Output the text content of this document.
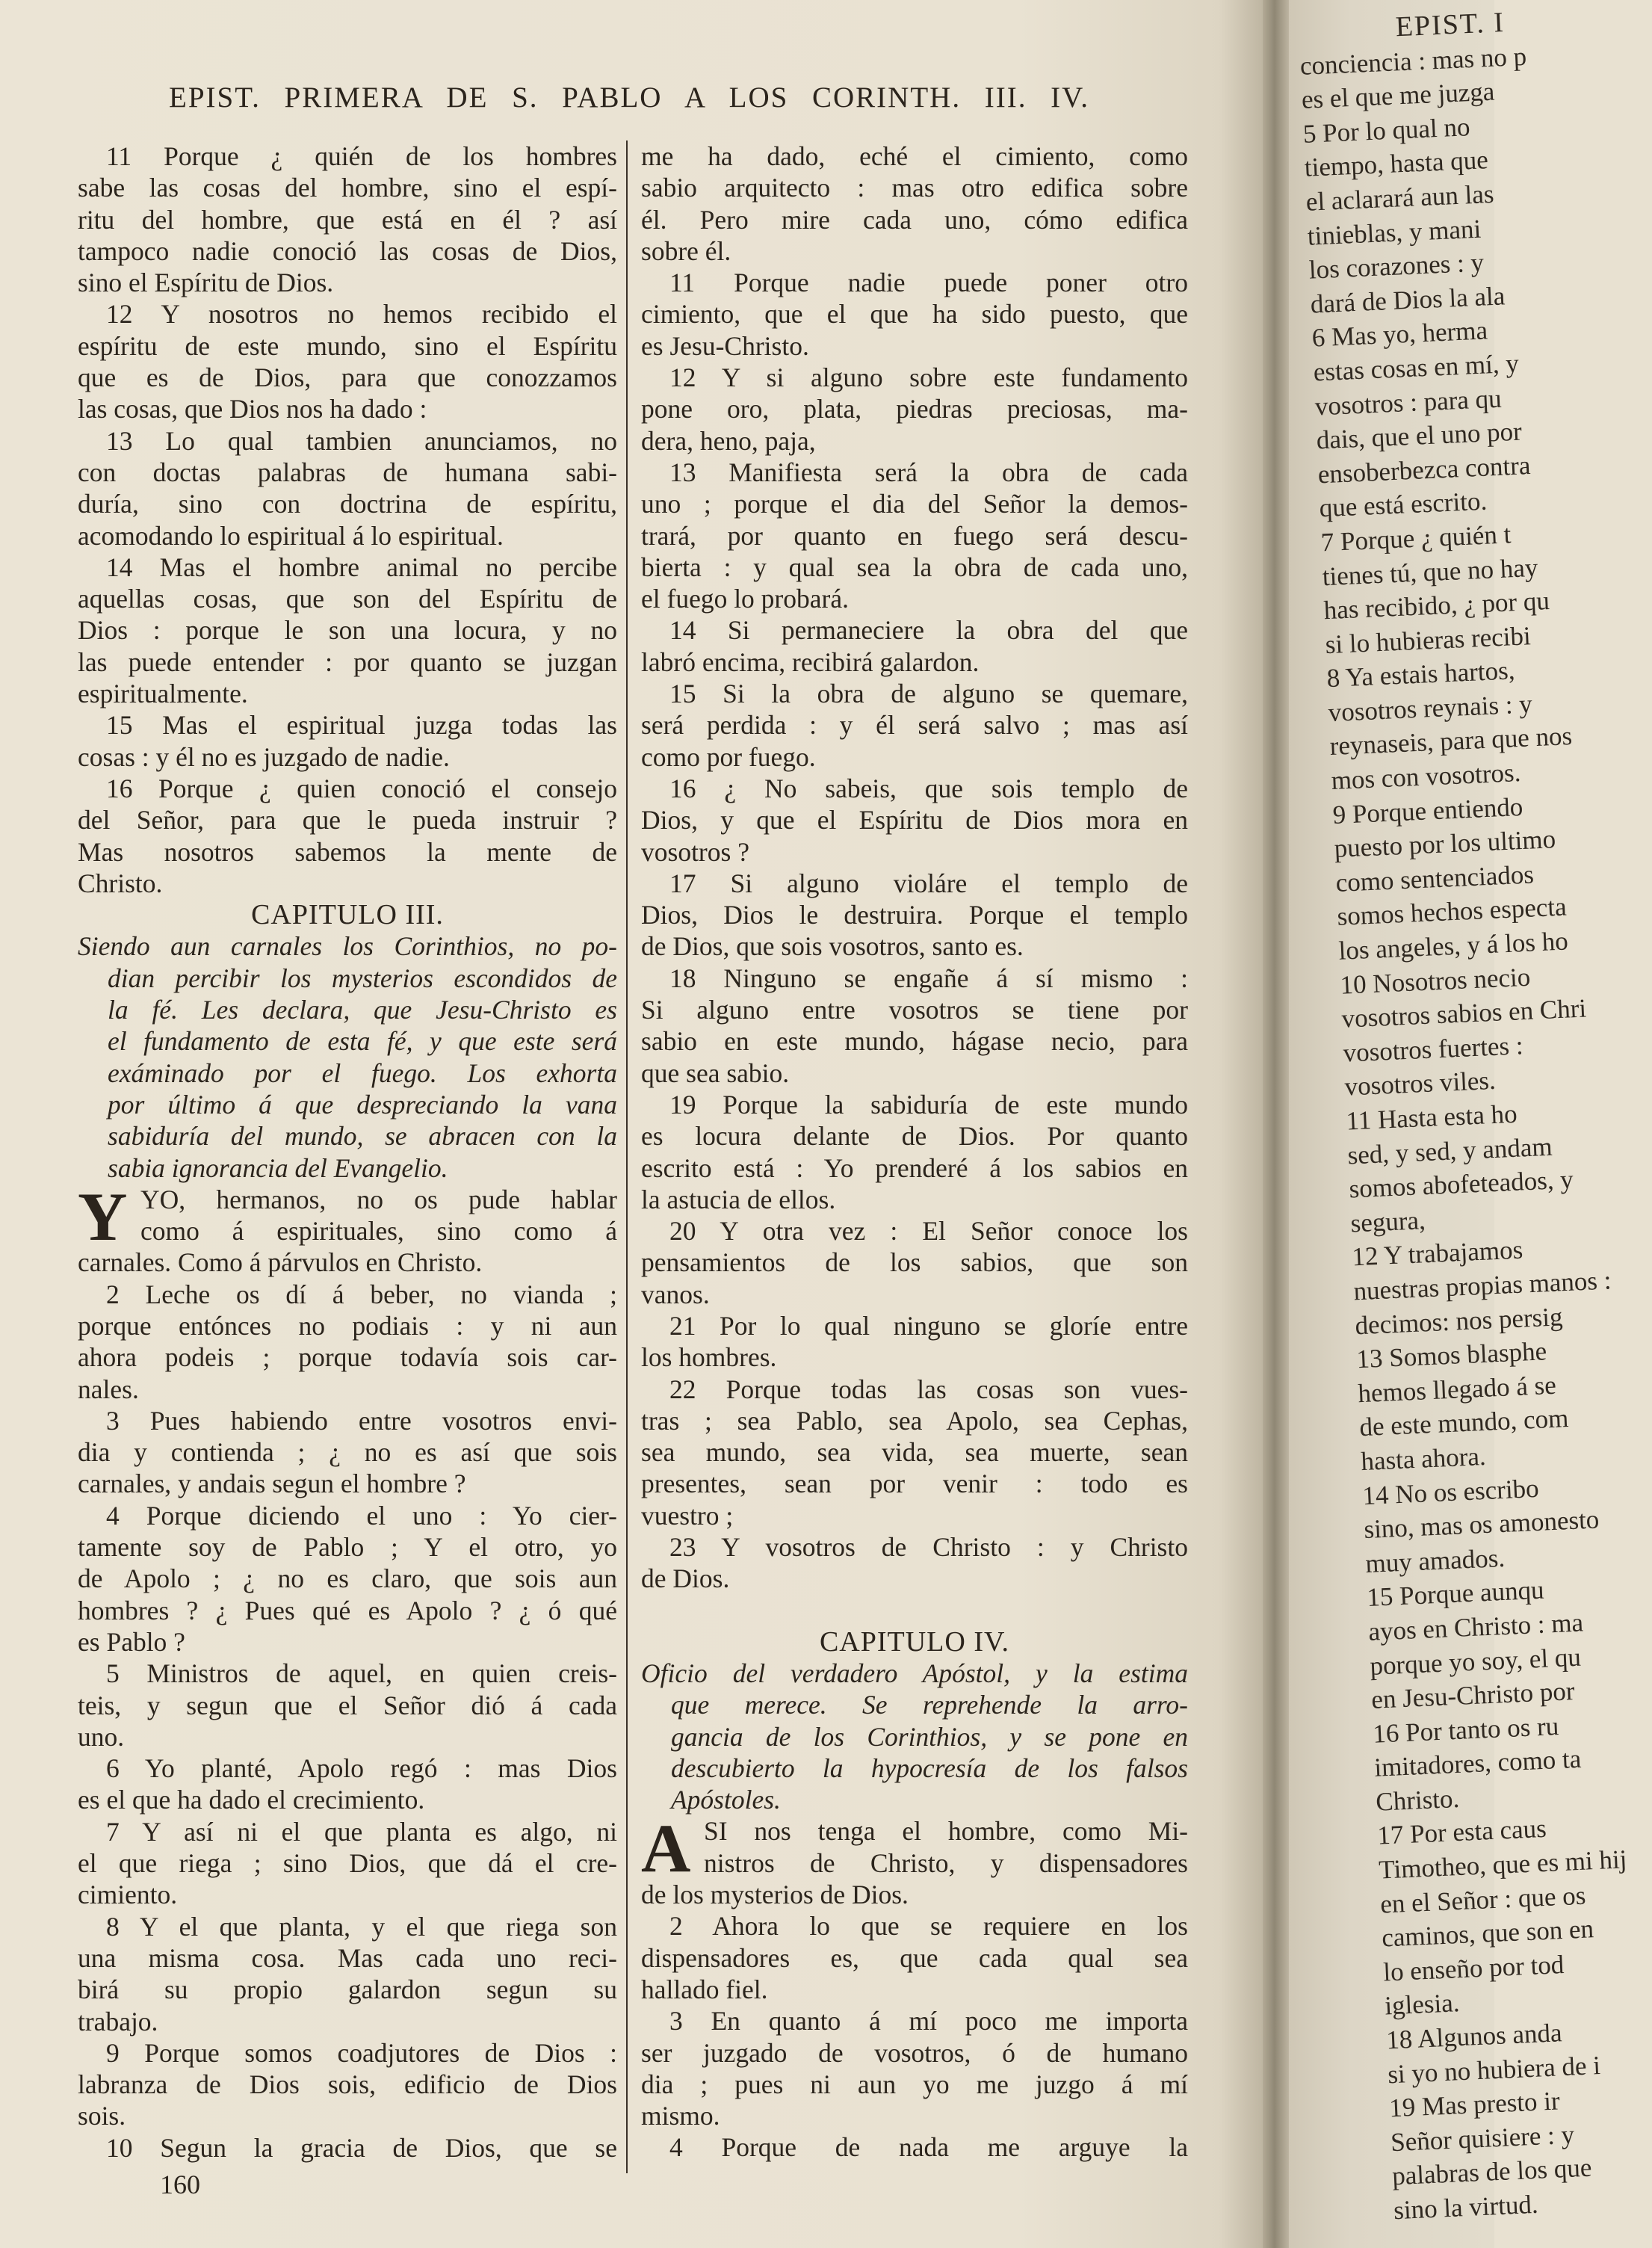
EPIST. PRIMERA DE S. PABLO A LOS CORINTH. III. IV.
11 Porque ¿ quién de los hombres
sabe las cosas del hombre, sino el espí-
ritu del hombre, que está en él ? así
tampoco nadie conoció las cosas de Dios,
sino el Espíritu de Dios.
12 Y nosotros no hemos recibido el
espíritu de este mundo, sino el Espíritu
que es de Dios, para que conozzamos
las cosas, que Dios nos ha dado :
13 Lo qual tambien anunciamos, no
con doctas palabras de humana sabi-
duría, sino con doctrina de espíritu,
acomodando lo espiritual á lo espiritual.
14 Mas el hombre animal no percibe
aquellas cosas, que son del Espíritu de
Dios : porque le son una locura, y no
las puede entender : por quanto se juzgan
espiritualmente.
15 Mas el espiritual juzga todas las
cosas : y él no es juzgado de nadie.
16 Porque ¿ quien conoció el consejo
del Señor, para que le pueda instruir ?
Mas nosotros sabemos la mente de
Christo.
CAPITULO III.
Siendo aun carnales los Corinthios, no po-
dian percibir los mysterios escondidos de
la fé. Les declara, que Jesu-Christo es
el fundamento de esta fé, y que este será
exáminado por el fuego. Los exhorta
por último á que despreciando la vana
sabiduría del mundo, se abracen con la
sabia ignorancia del Evangelio.
Y YO, hermanos, no os pude hablar
como á espirituales, sino como á
carnales. Como á párvulos en Christo.
2 Leche os dí á beber, no vianda ;
porque entónces no podiais : y ni aun
ahora podeis ; porque todavía sois car-
nales.
3 Pues habiendo entre vosotros envi-
dia y contienda ; ¿ no es así que sois
carnales, y andais segun el hombre ?
4 Porque diciendo el uno : Yo cier-
tamente soy de Pablo ; Y el otro, yo
de Apolo ; ¿ no es claro, que sois aun
hombres ? ¿ Pues qué es Apolo ? ¿ ó qué
es Pablo ?
5 Ministros de aquel, en quien creis-
teis, y segun que el Señor dió á cada
uno.
6 Yo planté, Apolo regó : mas Dios
es el que ha dado el crecimiento.
7 Y así ni el que planta es algo, ni
el que riega ; sino Dios, que dá el cre-
cimiento.
8 Y el que planta, y el que riega son
una misma cosa. Mas cada uno reci-
birá su propio galardon segun su
trabajo.
9 Porque somos coadjutores de Dios :
labranza de Dios sois, edificio de Dios
sois.
10 Segun la gracia de Dios, que se
me ha dado, eché el cimiento, como
sabio arquitecto : mas otro edifica sobre
él. Pero mire cada uno, cómo edifica
sobre él.
11 Porque nadie puede poner otro
cimiento, que el que ha sido puesto, que
es Jesu-Christo.
12 Y si alguno sobre este fundamento
pone oro, plata, piedras preciosas, ma-
dera, heno, paja,
13 Manifiesta será la obra de cada
uno ; porque el dia del Señor la demos-
trará, por quanto en fuego será descu-
bierta : y qual sea la obra de cada uno,
el fuego lo probará.
14 Si permaneciere la obra del que
labró encima, recibirá galardon.
15 Si la obra de alguno se quemare,
será perdida : y él será salvo ; mas así
como por fuego.
16 ¿ No sabeis, que sois templo de
Dios, y que el Espíritu de Dios mora en
vosotros ?
17 Si alguno violáre el templo de
Dios, Dios le destruira. Porque el templo
de Dios, que sois vosotros, santo es.
18 Ninguno se engañe á sí mismo :
Si alguno entre vosotros se tiene por
sabio en este mundo, hágase necio, para
que sea sabio.
19 Porque la sabiduría de este mundo
es locura delante de Dios. Por quanto
escrito está : Yo prenderé á los sabios en
la astucia de ellos.
20 Y otra vez : El Señor conoce los
pensamientos de los sabios, que son
vanos.
21 Por lo qual ninguno se gloríe entre
los hombres.
22 Porque todas las cosas son vues-
tras ; sea Pablo, sea Apolo, sea Cephas,
sea mundo, sea vida, sea muerte, sean
presentes, sean por venir : todo es
vuestro ;
23 Y vosotros de Christo : y Christo
de Dios.
CAPITULO IV.
Oficio del verdadero Apóstol, y la estima
que merece. Se reprehende la arro-
gancia de los Corinthios, y se pone en
descubierto la hypocresía de los falsos
Apóstoles.
A SI nos tenga el hombre, como Mi-
nistros de Christo, y dispensadores
de los mysterios de Dios.
2 Ahora lo que se requiere en los
dispensadores es, que cada qual sea
hallado fiel.
3 En quanto á mí poco me importa
ser juzgado de vosotros, ó de humano
dia ; pues ni aun yo me juzgo á mí
mismo.
4 Porque de nada me arguye la
160
EPIST. I
conciencia : mas no p
es el que me juzga
5 Por lo qual no
tiempo, hasta que
el aclarará aun las
tinieblas, y mani
los corazones : y
dará de Dios la ala
6 Mas yo, herma
estas cosas en mí, y
vosotros : para qu
dais, que el uno por
ensoberbezca contra
que está escrito.
7 Porque ¿ quién t
tienes tú, que no hay
has recibido, ¿ por qu
si lo hubieras recibi
8 Ya estais hartos,
vosotros reynais : y
reynaseis, para que nos
mos con vosotros.
9 Porque entiendo
puesto por los ultimo
como sentenciados
somos hechos especta
los angeles, y á los ho
10 Nosotros necio
vosotros sabios en Chri
vosotros fuertes :
vosotros viles.
11 Hasta esta ho
sed, y sed, y andam
somos abofeteados, y
segura,
12 Y trabajamos
nuestras propias manos :
decimos: nos persig
13 Somos blasphe
hemos llegado á se
de este mundo, com
hasta ahora.
14 No os escribo
sino, mas os amonesto
muy amados.
15 Porque aunqu
ayos en Christo : ma
porque yo soy, el qu
en Jesu-Christo por
16 Por tanto os ru
imitadores, como ta
Christo.
17 Por esta caus
Timotheo, que es mi hij
en el Señor : que os
caminos, que son en
lo enseño por tod
iglesia.
18 Algunos anda
si yo no hubiera de i
19 Mas presto ir
Señor quisiere : y
palabras de los que
sino la virtud.
